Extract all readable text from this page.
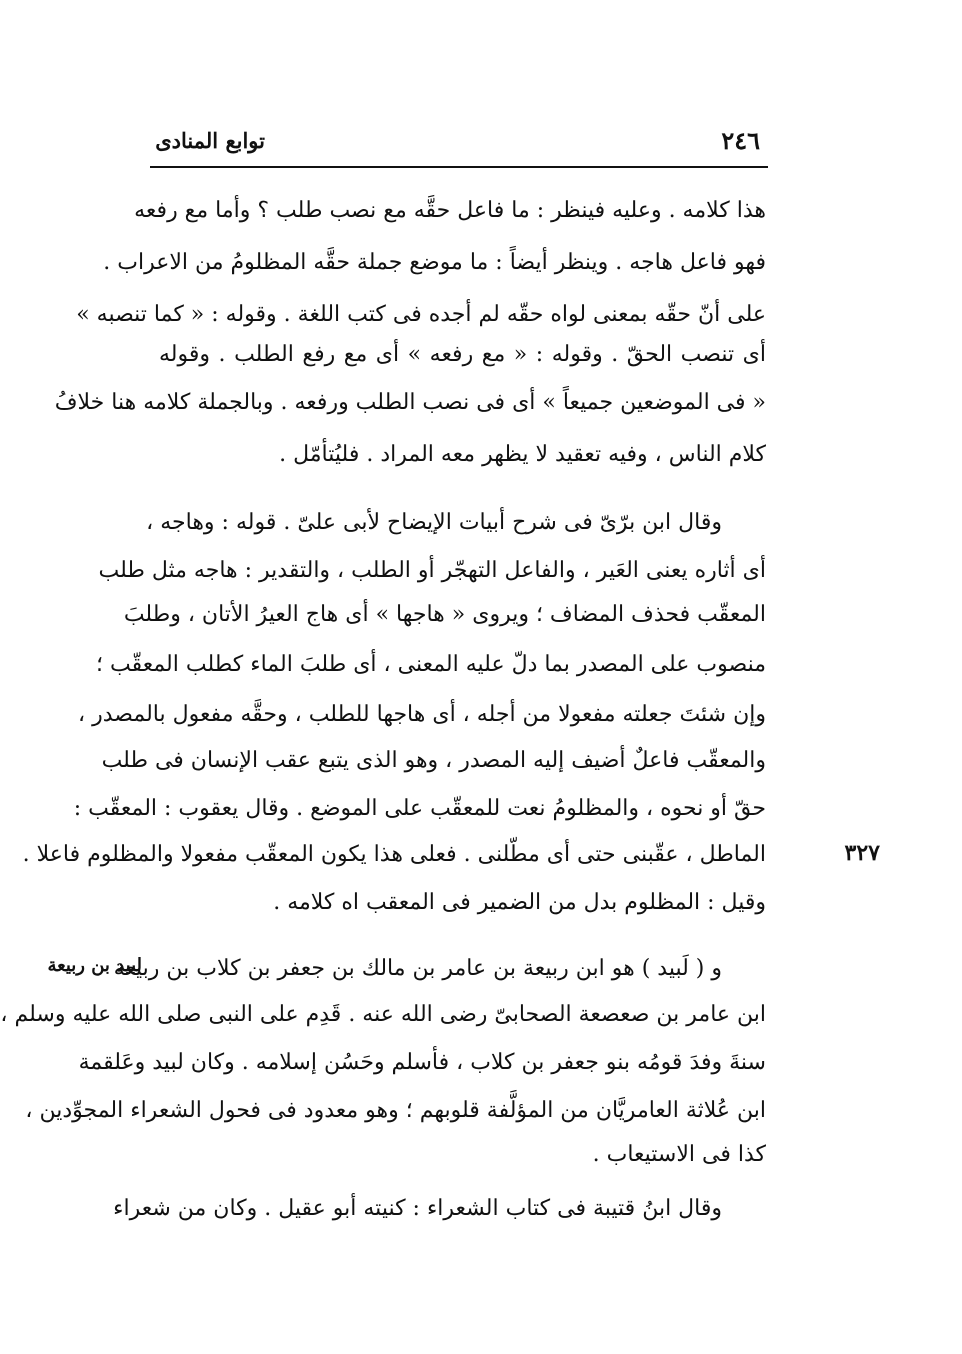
٢٤٦
توابع المنادى
هذا كلامه . وعليه فينظر : ما فاعل حقَّه مع نصب طلب ؟ وأما مع رفعه
فهو فاعل هاجه . وينظر أيضاً : ما موضع جملة حقَّه المظلومُ من الاعراب .
على أنّ حقّه بمعنى لواه حقّه لم أجده فى كتب اللغة . وقوله : « كما تنصبه »
أى تنصب الحقّ . وقوله : « مع رفعه » أى مع رفع الطلب . وقوله
« فى الموضعين جميعاً » أى فى نصب الطلب ورفعه . وبالجملة كلامه هنا خلافُ
كلام الناس ، وفيه تعقيد لا يظهر معه المراد . فليُتأمّل .
وقال ابن برّىّ فى شرح أبيات الإيضاح لأبى علىّ . قوله : وهاجه ،
أى أثاره يعنى العَير ، والفاعل التهجّر أو الطلب ، والتقدير : هاجه مثل طلب
المعقّب فحذف المضاف ؛ ويروى « هاجها » أى هاج العيرُ الأتان ، وطلبَ
منصوب على المصدر بما دلّ عليه المعنى ، أى طلبَ الماء كطلب المعقّب ؛
وإن شئتَ جعلته مفعولا من أجله ، أى هاجها للطلب ، وحقَّه مفعول بالمصدر ،
والمعقّب فاعلٌ أضيف إليه المصدر ، وهو الذى يتبع عقب الإنسان فى طلب
حقّ أو نحوه ، والمظلومُ نعت للمعقّب على الموضع . وقال يعقوب : المعقّب :
الماطل ، عقّبنى حتى أى مطّلنى . فعلى هذا يكون المعقّب مفعولا والمظلوم فاعلا .
وقيل : المظلوم بدل من الضمير فى المعقب اه كلامه .
٣٢٧
و ( لَبيد ) هو ابن ربيعة بن عامر بن مالك بن جعفر بن كلاب بن ربيعة
ابن عامر بن صعصعة الصحابىّ رضى الله عنه . قَدِم على النبى صلى الله عليه وسلم ،
سنةَ وفدَ قومُه بنو جعفر بن كلاب ، فأسلم وحَسُن إسلامه . وكان لبيد وعَلقمة
ابن عُلاثة العامريَّان من المؤلَّفة قلوبهم ؛ وهو معدود فى فحول الشعراء المجوِّدين ،
كذا فى الاستيعاب .
لبيد بن ربيعة
وقال ابنُ قتيبة فى كتاب الشعراء : كنيته أبو عقيل . وكان من شعراء
